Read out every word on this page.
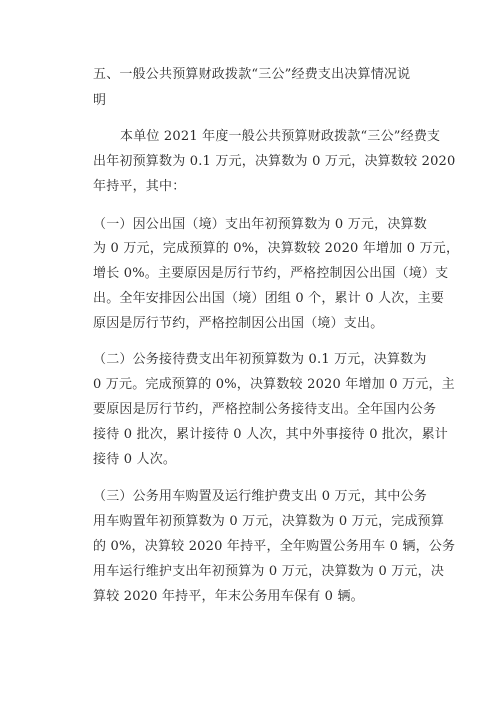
五、一般公共预算财政拨款“三公”经费支出决算情况说
明
本单位 2021 年度一般公共预算财政拨款“三公”经费支
出年初预算数为 0.1 万元，决算数为 0 万元，决算数较 2020
年持平，其中：
（一）因公出国（境）支出年初预算数为 0 万元，决算数
为 0 万元，完成预算的 0%，决算数较 2020 年增加 0 万元，
增长 0%。主要原因是厉行节约，严格控制因公出国（境）支
出。全年安排因公出国（境）团组 0 个，累计 0 人次，主要
原因是厉行节约，严格控制因公出国（境）支出。
（二）公务接待费支出年初预算数为 0.1 万元，决算数为
0 万元。完成预算的 0%，决算数较 2020 年增加 0 万元，主
要原因是厉行节约，严格控制公务接待支出。全年国内公务
接待 0 批次，累计接待 0 人次，其中外事接待 0 批次，累计
接待 0 人次。
（三）公务用车购置及运行维护费支出 0 万元，其中公务
用车购置年初预算数为 0 万元，决算数为 0 万元，完成预算
的 0%，决算较 2020 年持平，全年购置公务用车 0 辆，公务
用车运行维护支出年初预算为 0 万元，决算数为 0 万元，决
算较 2020 年持平，年末公务用车保有 0 辆。
